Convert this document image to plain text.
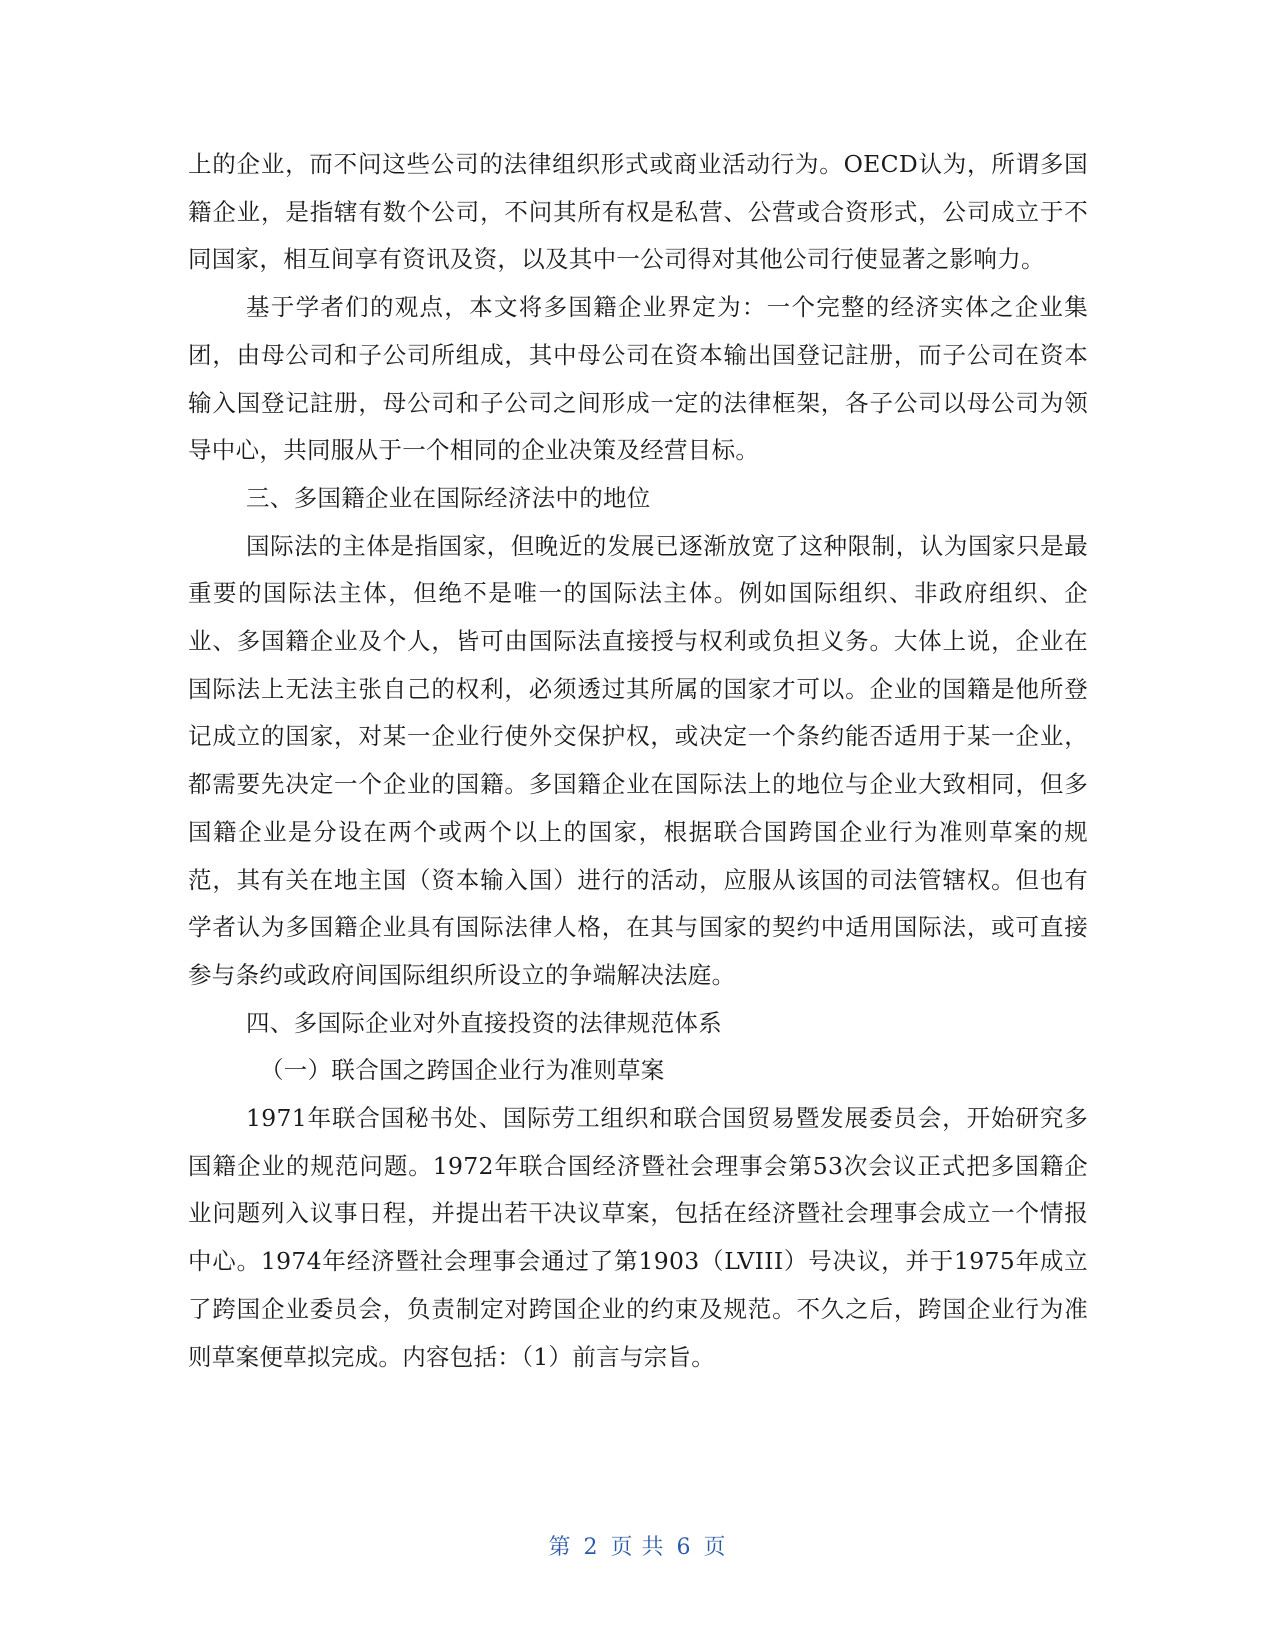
上的企业，而不问这些公司的法律组织形式或商业活动行为。OECD认为，所谓多国籍企业，是指辖有数个公司，不问其所有权是私营、公营或合资形式，公司成立于不同国家，相互间享有资讯及资，以及其中一公司得对其他公司行使显著之影响力。

基于学者们的观点，本文将多国籍企业界定为：一个完整的经济实体之企业集团，由母公司和子公司所组成，其中母公司在资本输出国登记註册，而子公司在资本输入国登记註册，母公司和子公司之间形成一定的法律框架，各子公司以母公司为领导中心，共同服从于一个相同的企业决策及经营目标。

三、多国籍企业在国际经济法中的地位

国际法的主体是指国家，但晚近的发展已逐渐放宽了这种限制，认为国家只是最重要的国际法主体，但绝不是唯一的国际法主体。例如国际组织、非政府组织、企业、多国籍企业及个人，皆可由国际法直接授与权利或负担义务。大体上说，企业在国际法上无法主张自己的权利，必须透过其所属的国家才可以。企业的国籍是他所登记成立的国家，对某一企业行使外交保护权，或决定一个条约能否适用于某一企业，都需要先决定一个企业的国籍。多国籍企业在国际法上的地位与企业大致相同，但多国籍企业是分设在两个或两个以上的国家，根据联合国跨国企业行为准则草案的规范，其有关在地主国（资本输入国）进行的活动，应服从该国的司法管辖权。但也有学者认为多国籍企业具有国际法律人格，在其与国家的契约中适用国际法，或可直接参与条约或政府间国际组织所设立的争端解决法庭。

四、多国际企业对外直接投资的法律规范体系

（一）联合国之跨国企业行为准则草案

1971年联合国秘书处、国际劳工组织和联合国贸易暨发展委员会，开始研究多国籍企业的规范问题。1972年联合国经济暨社会理事会第53次会议正式把多国籍企业问题列入议事日程，并提出若干决议草案，包括在经济暨社会理事会成立一个情报中心。1974年经济暨社会理事会通过了第1903（LVIII）号决议，并于1975年成立了跨国企业委员会，负责制定对跨国企业的约束及规范。不久之后，跨国企业行为准则草案便草拟完成。内容包括：（1）前言与宗旨。

第 2 页 共 6 页
